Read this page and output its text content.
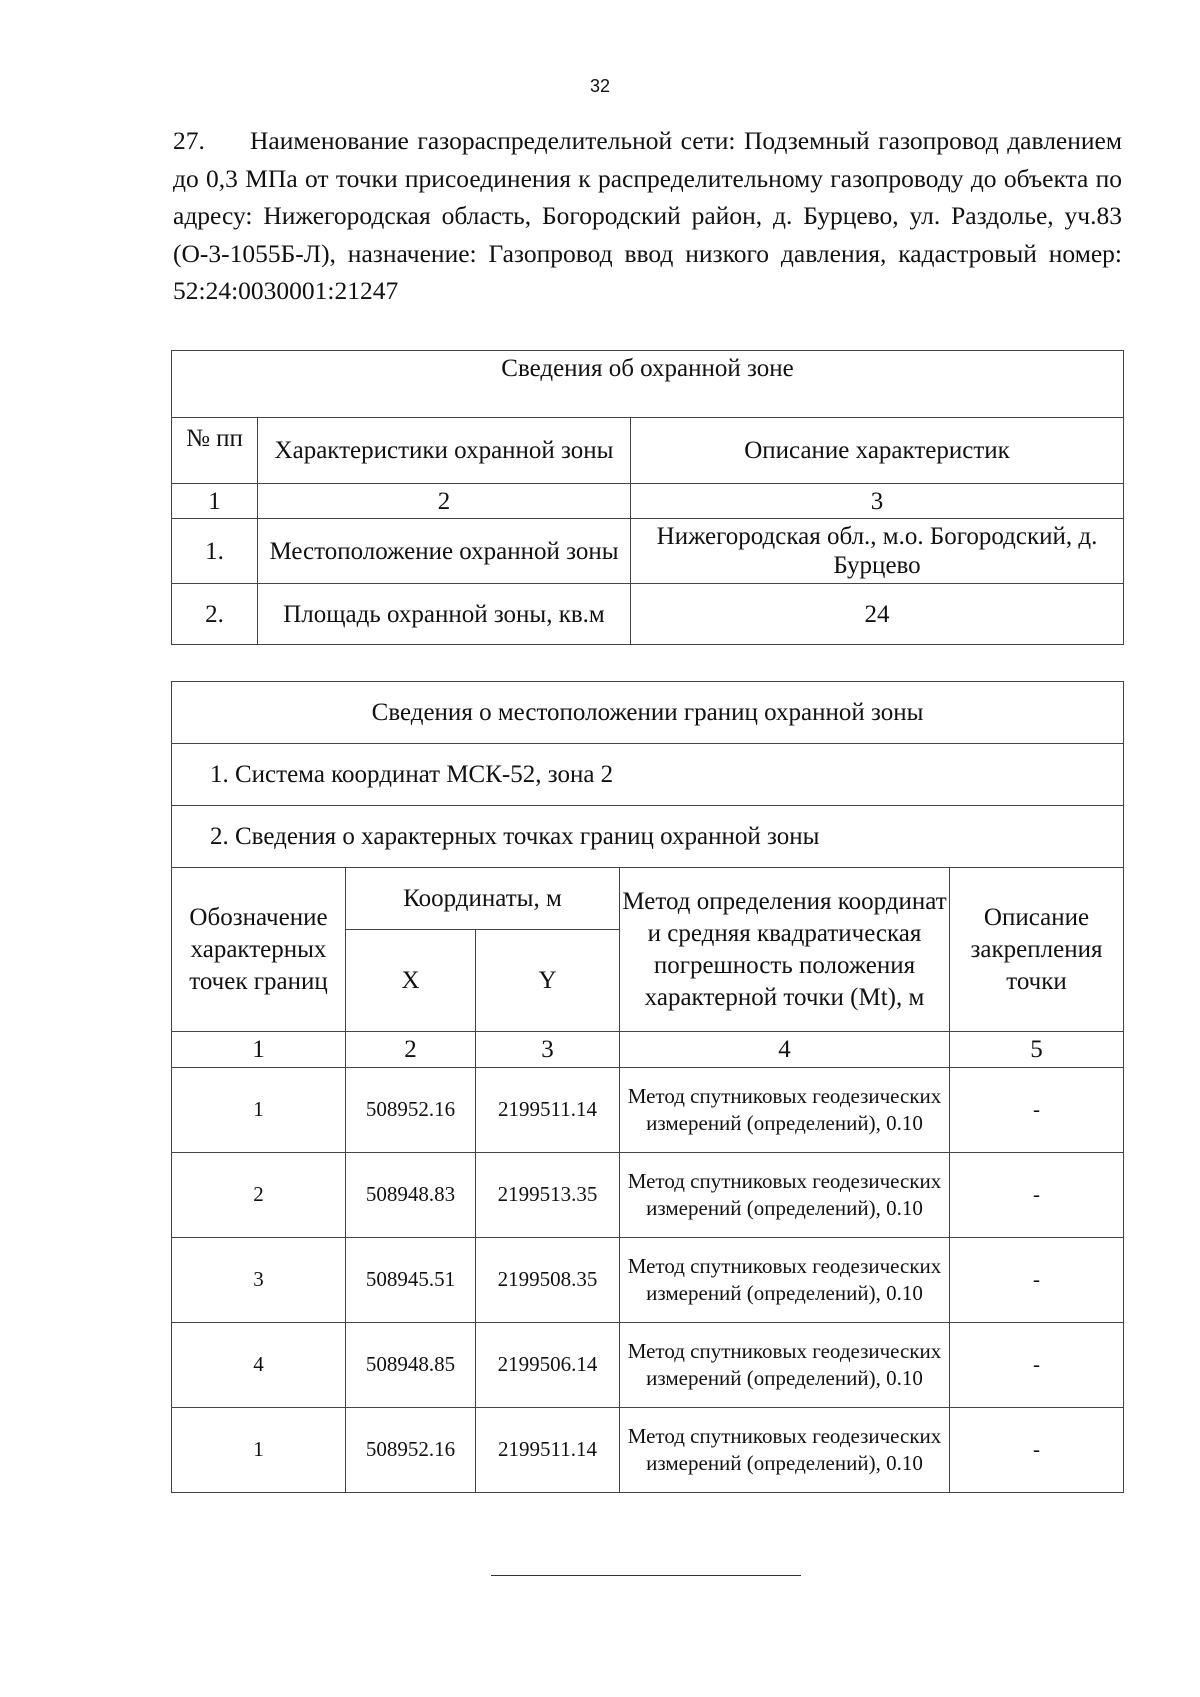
32
27. Наименование газораспределительной сети: Подземный газопровод давлением до 0,3 МПа от точки присоединения к распределительному газопроводу до объекта по адресу: Нижегородская область, Богородский район, д. Бурцево, ул. Раздолье, уч.83 (О-3-1055Б-Л), назначение: Газопровод ввод низкого давления, кадастровый номер: 52:24:0030001:21247
Сведения об охранной зоне		
№ пп	Характеристики охранной зоны	Описание характеристик
1	2	3
1.	Местоположение охранной зоны	Нижегородская обл., м.о. Богородский, д. Бурцево
2.	Площадь охранной зоны, кв.м	24
Сведения о местоположении границ охранной зоны				
1. Система координат МСК-52, зона 2				
2. Сведения о характерных точках границ охранной зоны				
Обозначение характерных точек границ	Координаты, м		Метод определения координат и средняя квадратическая погрешность положения характерной точки (Mt), м	Описание закрепления точки
	X	Y		
1	2	3	4	5
1	508952.16	2199511.14	Метод спутниковых геодезических измерений (определений), 0.10	-
2	508948.83	2199513.35	Метод спутниковых геодезических измерений (определений), 0.10	-
3	508945.51	2199508.35	Метод спутниковых геодезических измерений (определений), 0.10	-
4	508948.85	2199506.14	Метод спутниковых геодезических измерений (определений), 0.10	-
1	508952.16	2199511.14	Метод спутниковых геодезических измерений (определений), 0.10	-
